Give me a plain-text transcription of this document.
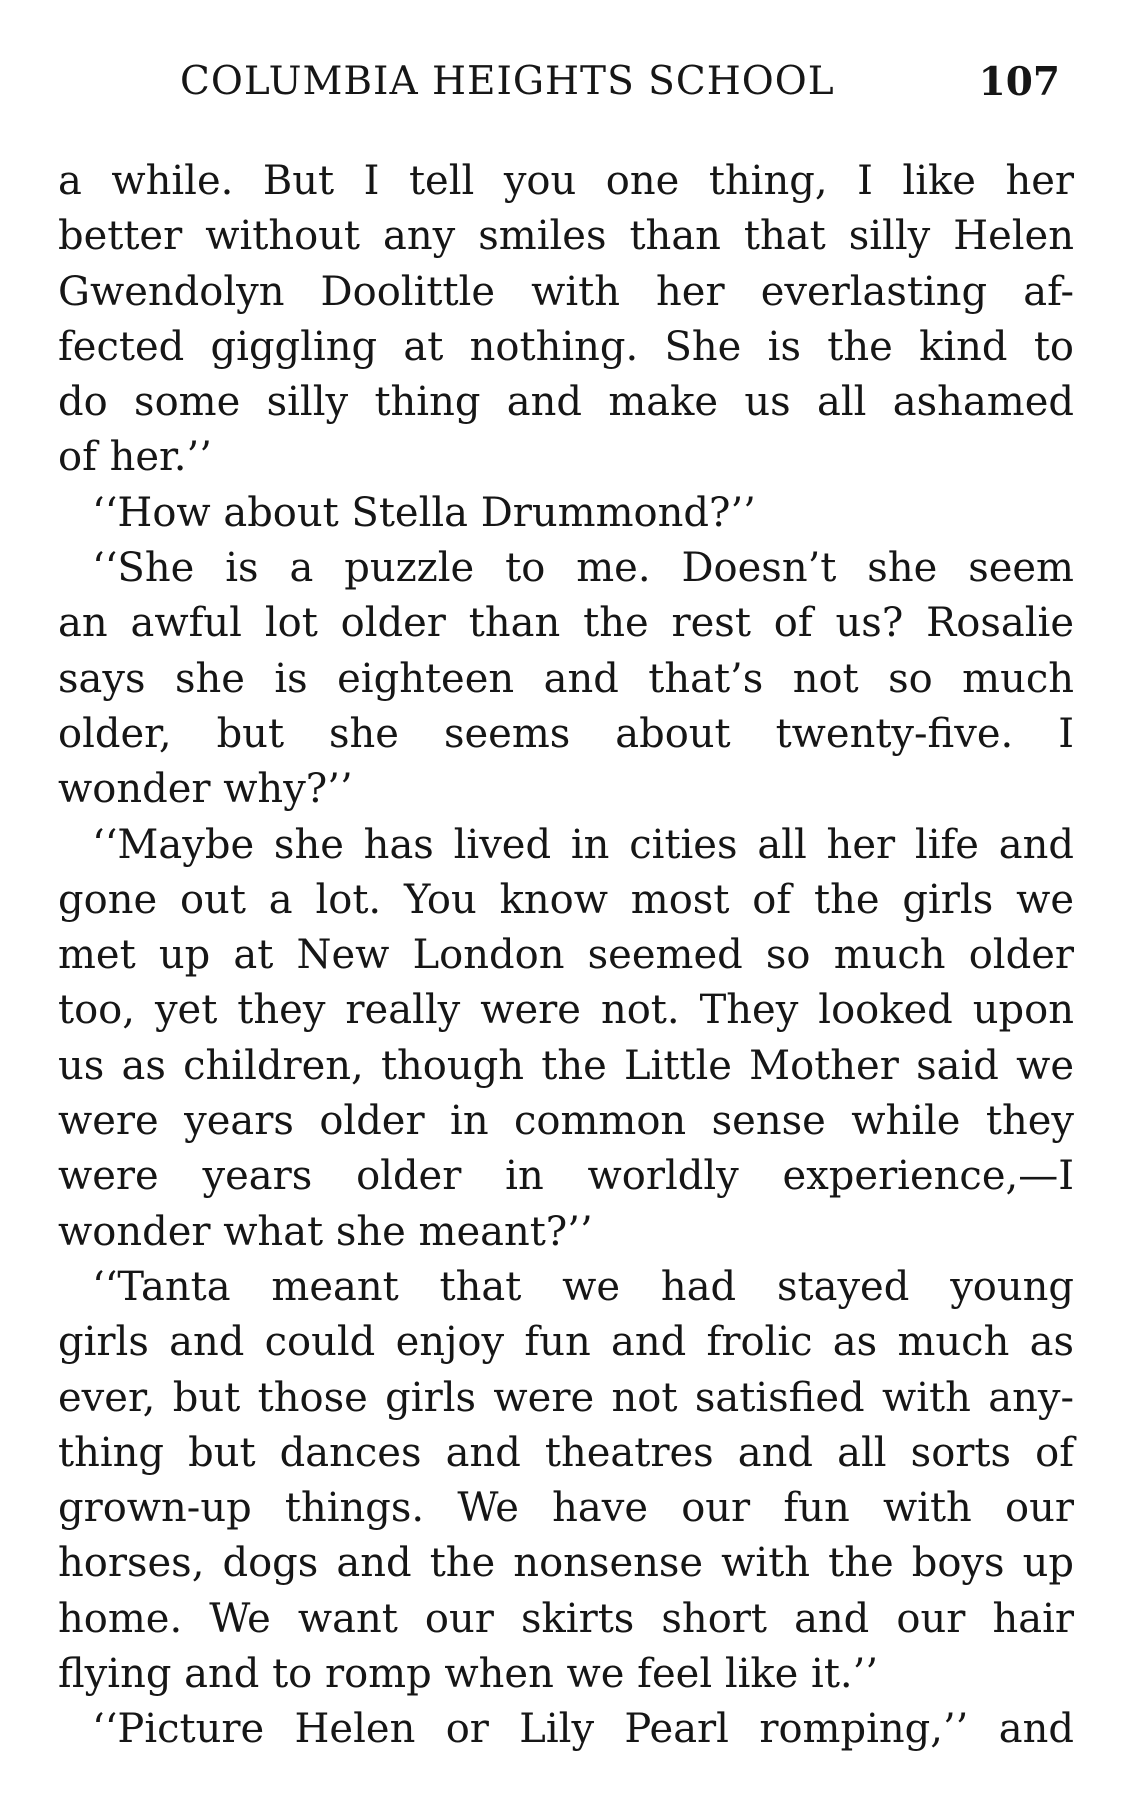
COLUMBIA HEIGHTS SCHOOL	107
a while. But I tell you one thing, I like her
better without any smiles than that silly Helen
Gwendolyn Doolittle with her everlasting af-
fected giggling at nothing. She is the kind to
do some silly thing and make us all ashamed
of her.’’
‘‘How about Stella Drummond?’’
‘‘She is a puzzle to me. Doesn’t she seem
an awful lot older than the rest of us? Rosalie
says she is eighteen and that’s not so much
older, but she seems about twenty-five. I
wonder why?’’
‘‘Maybe she has lived in cities all her life and
gone out a lot. You know most of the girls we
met up at New London seemed so much older
too, yet they really were not. They looked upon
us as children, though the Little Mother said we
were years older in common sense while they
were years older in worldly experience,—I
wonder what she meant?’’
‘‘Tanta meant that we had stayed young
girls and could enjoy fun and frolic as much as
ever, but those girls were not satisfied with any-
thing but dances and theatres and all sorts of
grown-up things. We have our fun with our
horses, dogs and the nonsense with the boys up
home. We want our skirts short and our hair
flying and to romp when we feel like it.’’
‘‘Picture Helen or Lily Pearl romping,’’ and
